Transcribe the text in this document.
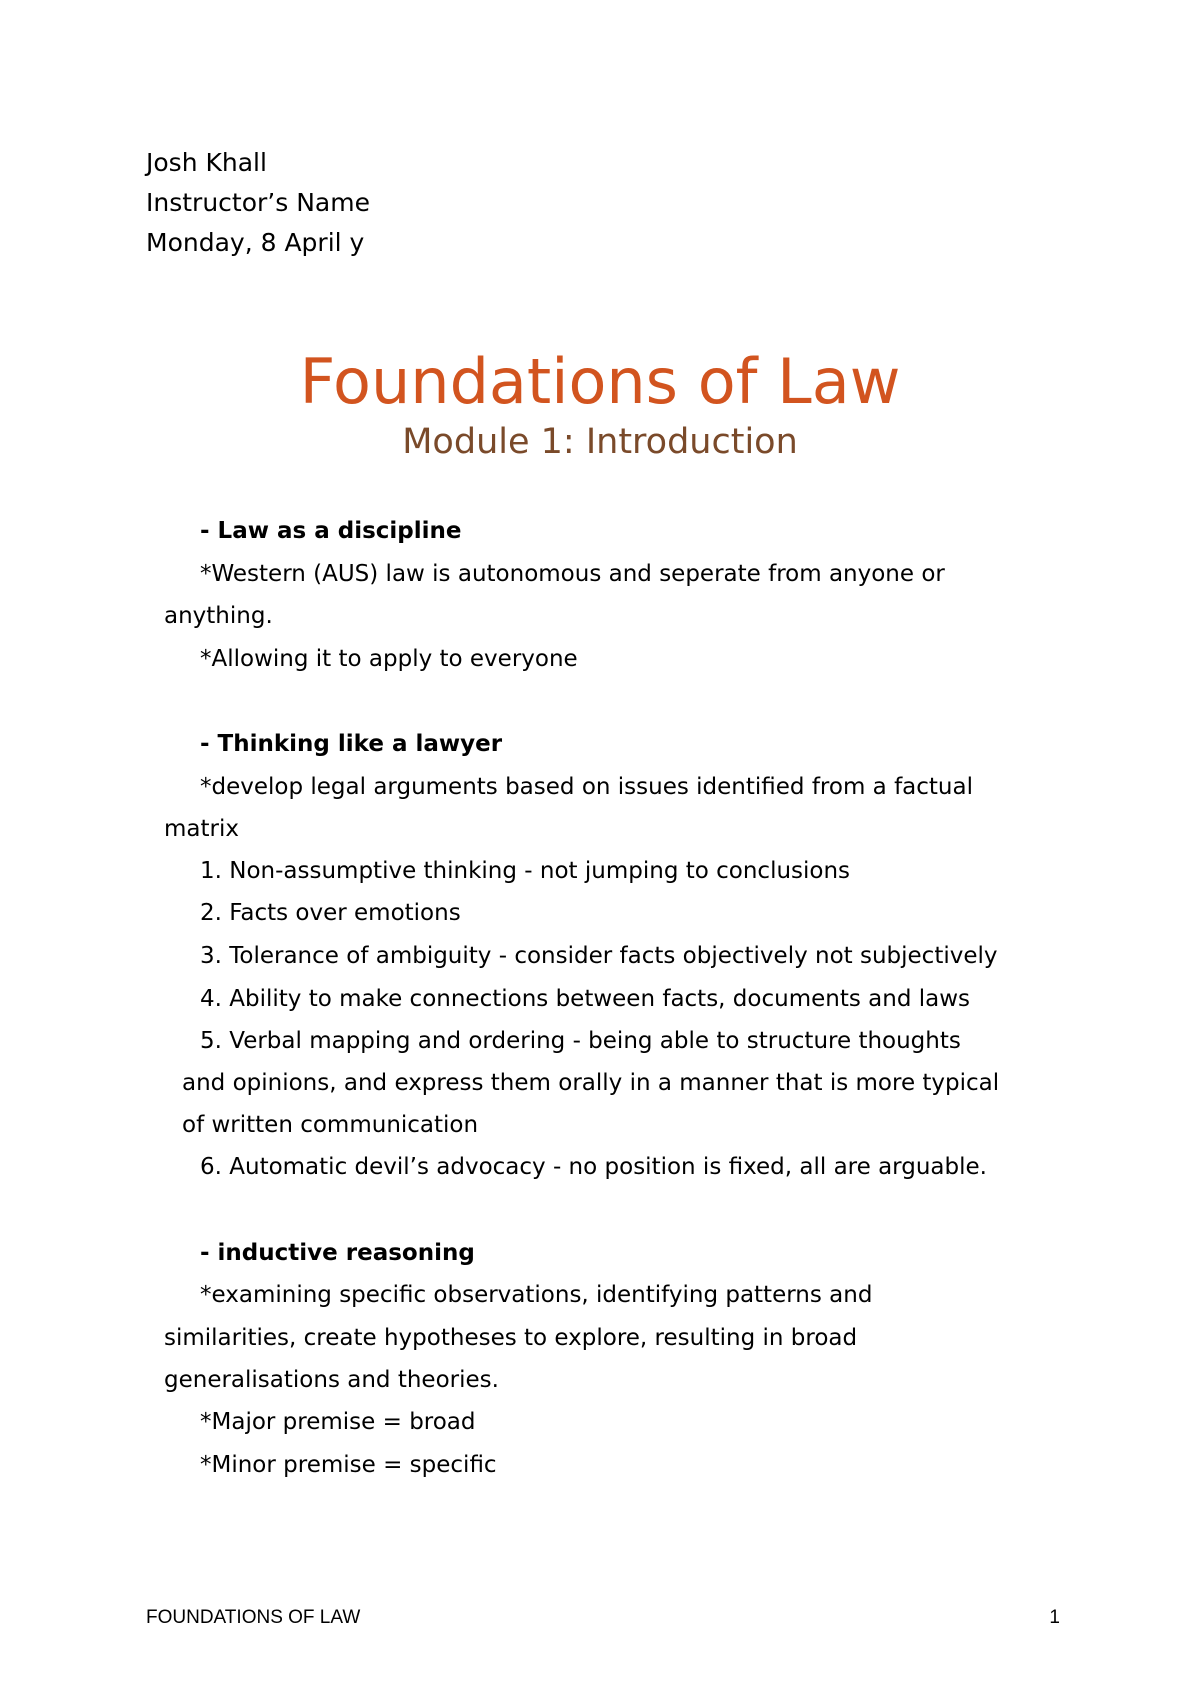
Josh Khall
Instructor’s Name
Monday, 8 April y
Foundations of Law
Module 1: Introduction
- Law as a discipline
*Western (AUS) law is autonomous and seperate from anyone or
anything.
*Allowing it to apply to everyone
- Thinking like a lawyer
*develop legal arguments based on issues identified from a factual
matrix
1. Non-assumptive thinking - not jumping to conclusions
2. Facts over emotions
3. Tolerance of ambiguity - consider facts objectively not subjectively
4. Ability to make connections between facts, documents and laws
5. Verbal mapping and ordering - being able to structure thoughts
and opinions, and express them orally in a manner that is more typical
of written communication
6. Automatic devil’s advocacy - no position is fixed, all are arguable.
- inductive reasoning
*examining specific observations, identifying patterns and
similarities, create hypotheses to explore, resulting in broad
generalisations and theories.
*Major premise = broad
*Minor premise = specific
FOUNDATIONS OF LAW	1
